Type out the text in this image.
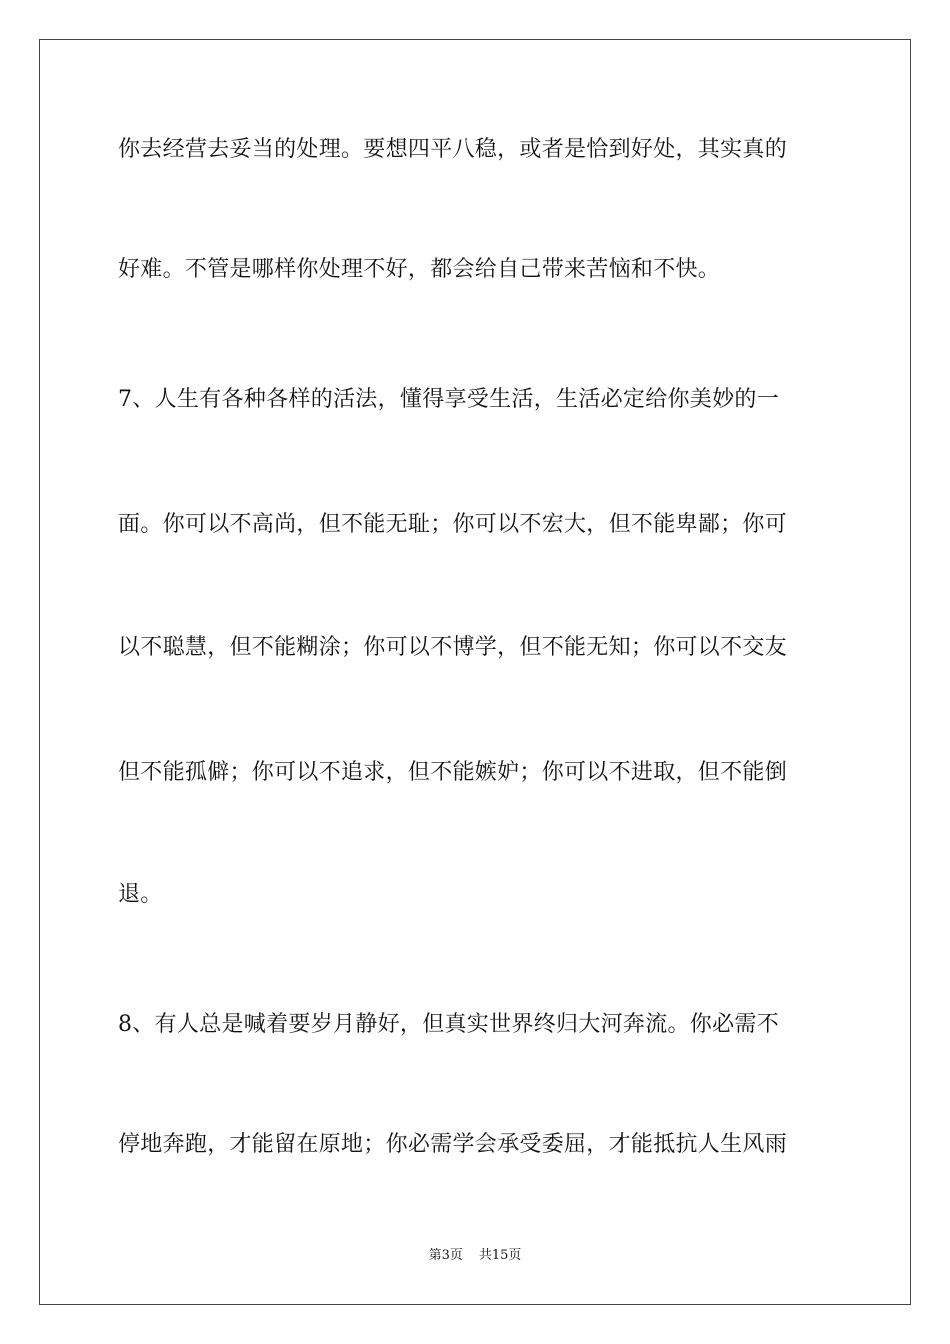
你去经营去妥当的处理。要想四平八稳，或者是恰到好处，其实真的
好难。不管是哪样你处理不好，都会给自己带来苦恼和不快。
7、人生有各种各样的活法，懂得享受生活，生活必定给你美妙的一
面。你可以不高尚，但不能无耻；你可以不宏大，但不能卑鄙；你可
以不聪慧，但不能糊涂；你可以不博学，但不能无知；你可以不交友
但不能孤僻；你可以不追求，但不能嫉妒；你可以不进取，但不能倒
退。
8、有人总是喊着要岁月静好，但真实世界终归大河奔流。你必需不
停地奔跑，才能留在原地；你必需学会承受委屈，才能抵抗人生风雨
第3页 共15页
